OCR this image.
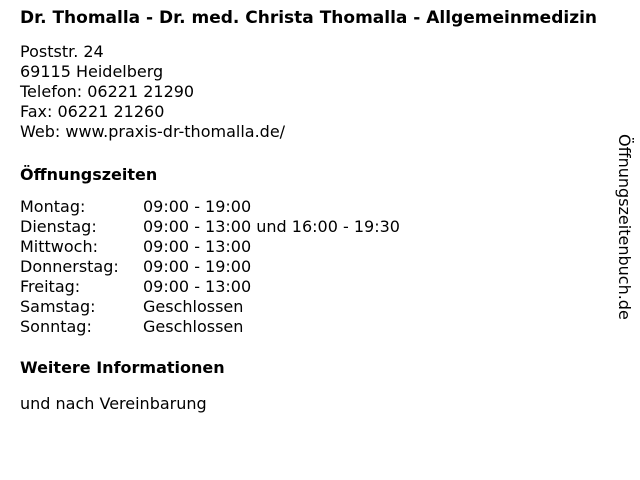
Dr. Thomalla - Dr. med. Christa Thomalla - Allgemeinmedizin
Poststr. 24
69115 Heidelberg
Telefon: 06221 21290
Fax: 06221 21260
Web: www.praxis-dr-thomalla.de/
Öffnungszeiten
Montag:	09:00 - 19:00
Dienstag:	09:00 - 13:00 und 16:00 - 19:30
Mittwoch:	09:00 - 13:00
Donnerstag:	09:00 - 19:00
Freitag:	09:00 - 13:00
Samstag:	Geschlossen
Sonntag:	Geschlossen
Weitere Informationen
und nach Vereinbarung
Öffnungszeitenbuch.de
